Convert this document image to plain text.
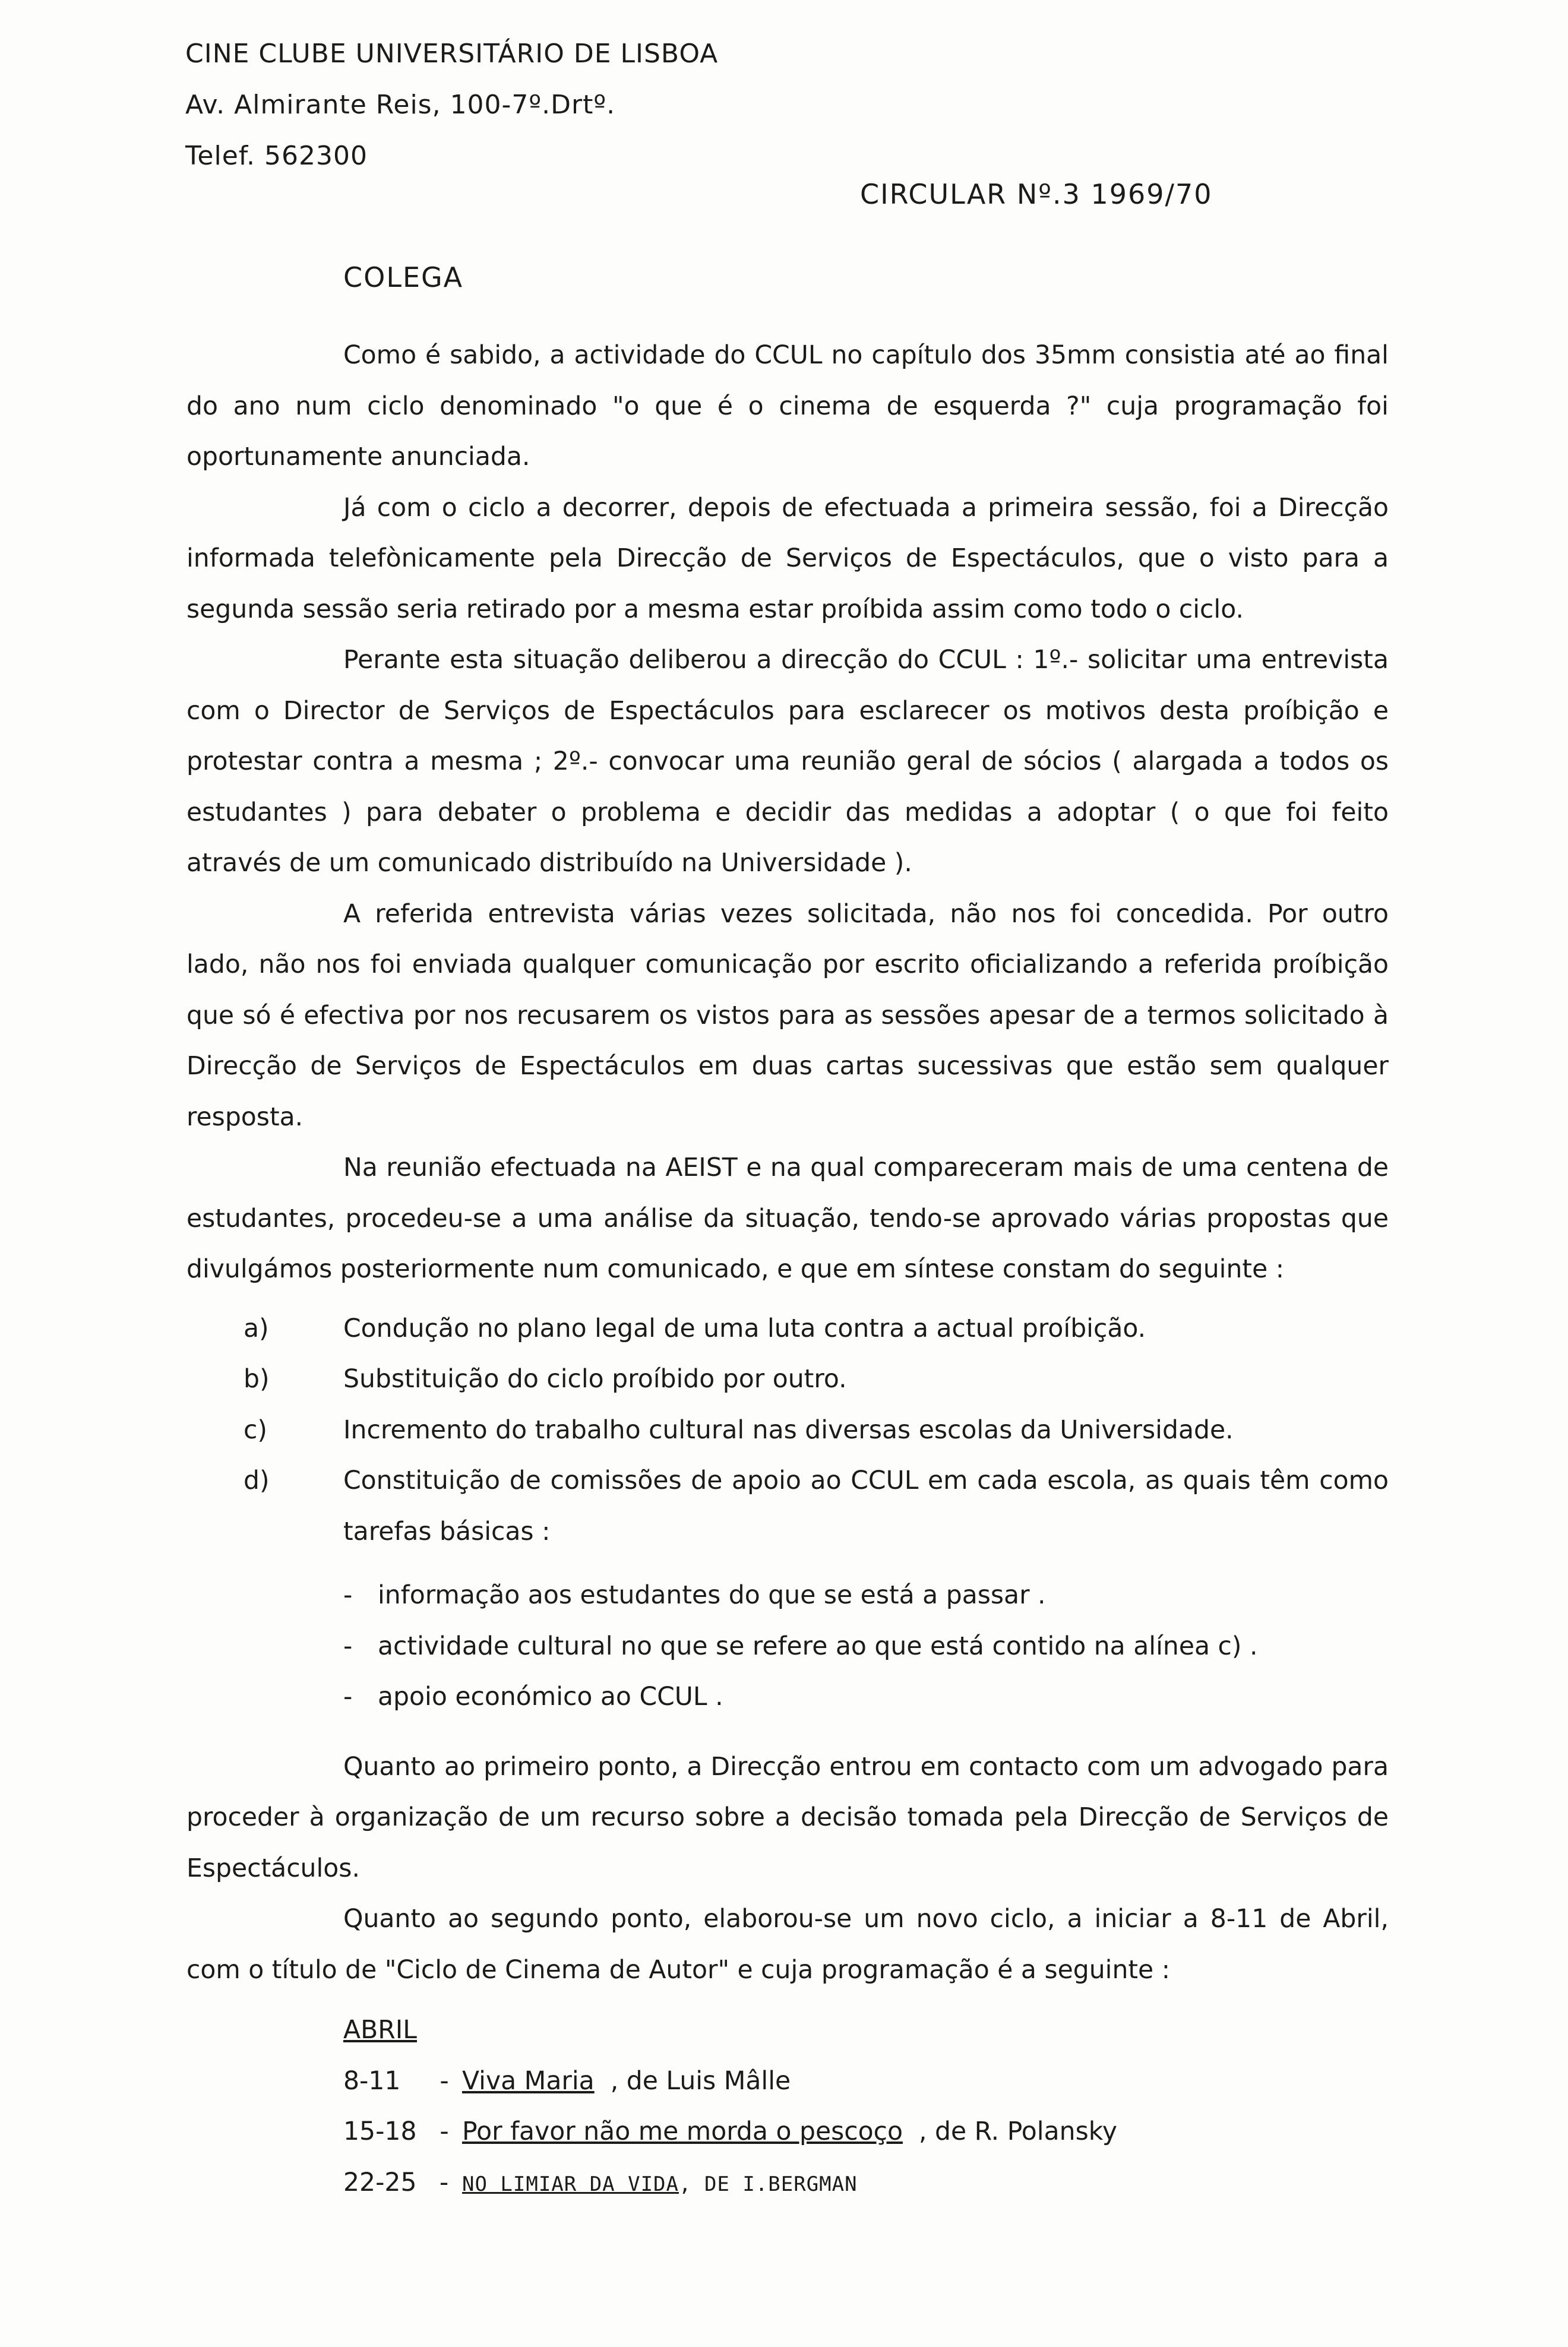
CINE CLUBE UNIVERSITÁRIO DE LISBOA
Av. Almirante Reis, 100-7º.Drtº.
Telef. 562300
CIRCULAR Nº.3 1969/70
COLEGA

Como é sabido, a actividade do CCUL no capítulo dos 35mm consistia até ao final do ano num ciclo denominado "o que é o cinema de esquerda ?" cuja programação foi oportunamente anunciada.

Já com o ciclo a decorrer, depois de efectuada a primeira sessão, foi a Direcção informada telefònicamente pela Direcção de Serviços de Espectáculos, que o visto para a segunda sessão seria retirado por a mesma estar proíbida assim como todo o ciclo.

Perante esta situação deliberou a direcção do CCUL : 1º.- solicitar uma entrevista com o Director de Serviços de Espectáculos para esclarecer os motivos desta proíbição e protestar contra a mesma ; 2º.- convocar uma reunião geral de sócios ( alargada a todos os estudantes ) para debater o problema e decidir das medidas a adoptar ( o que foi feito através de um comunicado distribuído na Universidade ).

A referida entrevista várias vezes solicitada, não nos foi concedida. Por outro lado, não nos foi enviada qualquer comunicação por escrito oficializando a referida proíbição que só é efectiva por nos recusarem os vistos para as sessões apesar de a termos solicitado à Direcção de Serviços de Espectáculos em duas cartas sucessivas que estão sem qualquer resposta.

Na reunião efectuada na AEIST e na qual compareceram mais de uma centena de estudantes, procedeu-se a uma análise da situação, tendo-se aprovado várias propostas que divulgámos posteriormente num comunicado, e que em síntese constam do seguinte :

a)	Condução no plano legal de uma luta contra a actual proíbição.
b)	Substituição do ciclo proíbido por outro.
c)	Incremento do trabalho cultural nas diversas escolas da Universidade.
d)	Constituição de comissões de apoio ao CCUL em cada escola, as quais têm como tarefas básicas :
- informação aos estudantes do que se está a passar .
- actividade cultural no que se refere ao que está contido na alínea c) .
- apoio económico ao CCUL .

Quanto ao primeiro ponto, a Direcção entrou em contacto com um advogado para proceder à organização de um recurso sobre a decisão tomada pela Direcção de Serviços de Espectáculos.

Quanto ao segundo ponto, elaborou-se um novo ciclo, a iniciar a 8-11 de Abril, com o título de "Ciclo de Cinema de Autor" e cuja programação é a seguinte :

ABRIL
8-11 - Viva Maria , de Luis Mâlle
15-18 - Por favor não me morda o pescoço , de R. Polansky
22-25 - NO LIMIAR DA VIDA, DE I.BERGMAN
